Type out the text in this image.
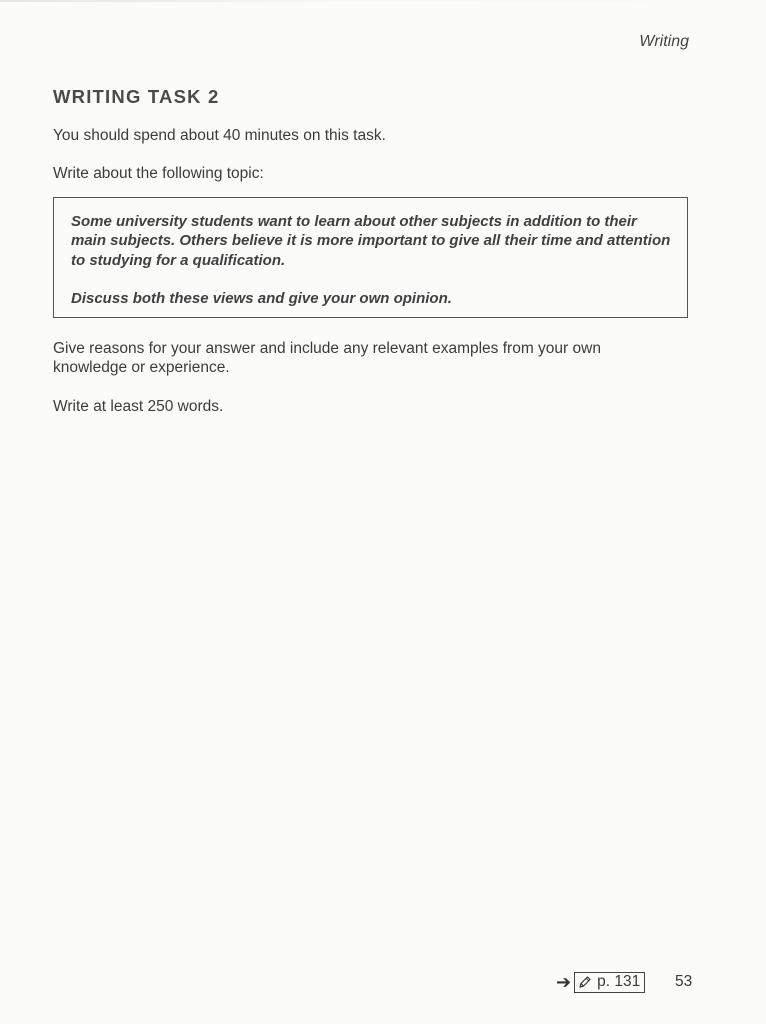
Writing
WRITING TASK 2

You should spend about 40 minutes on this task.

Write about the following topic:

Some university students want to learn about other subjects in addition to their main subjects. Others believe it is more important to give all their time and attention to studying for a qualification.

Discuss both these views and give your own opinion.

Give reasons for your answer and include any relevant examples from your own knowledge or experience.

Write at least 250 words.

➔ p. 131 53
